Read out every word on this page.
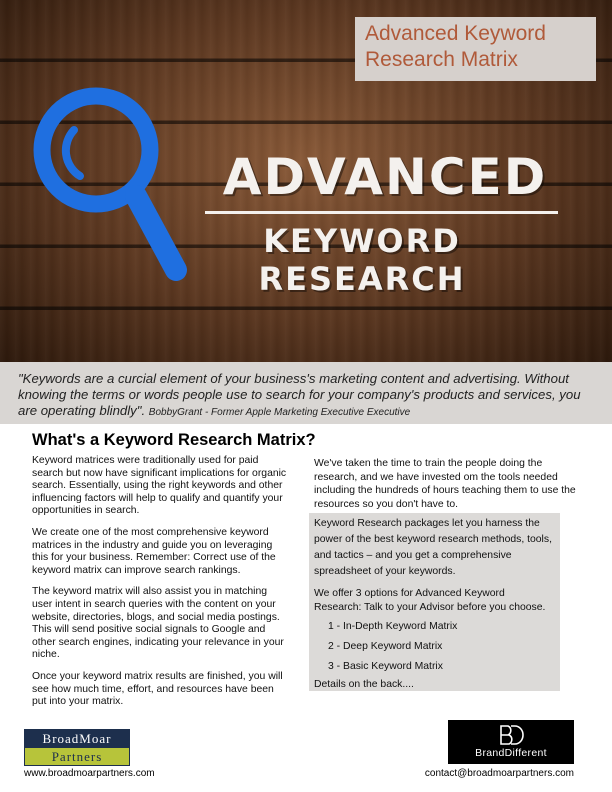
Advanced Keyword
Research Matrix
ADVANCED
KEYWORD RESEARCH
"Keywords are a curcial element of your business's marketing content and advertising. Without knowing the terms or words people use to search for your company's products and services, you are operating blindly". BobbyGrant - Former Apple Marketing Executive Executive
What's a Keyword Research Matrix?

Keyword matrices were traditionally used for paid search but now have significant implications for organic search. Essentially, using the right keywords and other influencing factors will help to qualify and quantify your opportunities in search.

We create one of the most comprehensive keyword matrices in the industry and guide you on leveraging this for your business. Remember: Correct use of the keyword matrix can improve search rankings.

The keyword matrix will also assist you in matching user intent in search queries with the content on your website, directories, blogs, and social media postings. This will send positive social signals to Google and other search engines, indicating your relevance in your niche.

Once your keyword matrix results are finished, you will see how much time, effort, and resources have been put into your matrix.

We've taken the time to train the people doing the research, and we have invested om the tools needed including the hundreds of hours teaching them to use the resources so you don't have to.
Keyword Research packages let you harness the power of the best keyword research methods, tools, and tactics – and you get a comprehensive spreadsheet of your keywords.
We offer 3 options for Advanced Keyword Research: Talk to your Advisor before you choose.
1 - In-Depth Keyword Matrix
2 - Deep Keyword Matrix
3 - Basic Keyword Matrix
Details on the back....
BroadMoar
Partners	BrandDifferent
www.broadmoarpartners.com	contact@broadmoarpartners.com
